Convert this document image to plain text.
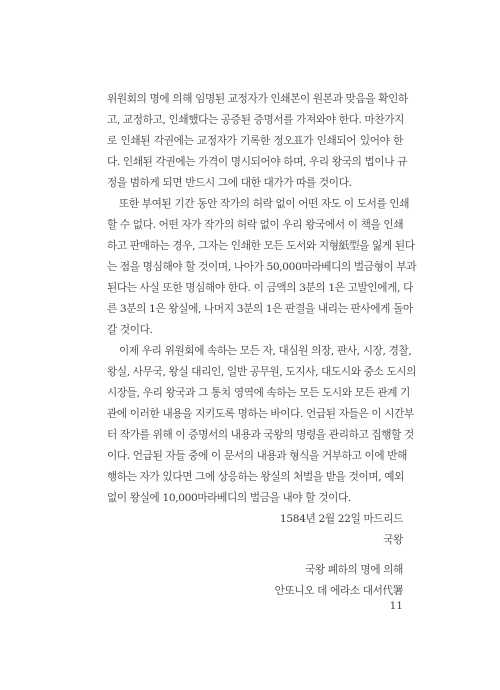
위원회의 명에 의해 임명된 교정자가 인쇄본이 원본과 맞음을 확인하
고, 교정하고, 인쇄했다는 공증된 증명서를 가져와야 한다. 마찬가지
로 인쇄된 각권에는 교정자가 기록한 정오표가 인쇄되어 있어야 한
다. 인쇄된 각권에는 가격이 명시되어야 하며, 우리 왕국의 법이나 규
정을 범하게 되면 반드시 그에 대한 대가가 따를 것이다.
또한 부여된 기간 동안 작가의 허락 없이 어떤 자도 이 도서를 인쇄
할 수 없다. 어떤 자가 작가의 허락 없이 우리 왕국에서 이 책을 인쇄
하고 판매하는 경우, 그자는 인쇄한 모든 도서와 지형紙型을 잃게 된다
는 점을 명심해야 할 것이며, 나아가 50,000마라베디의 벌금형이 부과
된다는 사실 또한 명심해야 한다. 이 금액의 3분의 1은 고발인에게, 다
른 3분의 1은 왕실에, 나머지 3분의 1은 판결을 내리는 판사에게 돌아
갈 것이다.
이제 우리 위원회에 속하는 모든 자, 대심원 의장, 판사, 시장, 경찰,
왕실, 사무국, 왕실 대리인, 일반 공무원, 도지사, 대도시와 중소 도시의
시장들, 우리 왕국과 그 통치 영역에 속하는 모든 도시와 모든 관계 기
관에 이러한 내용을 지키도록 명하는 바이다. 언급된 자들은 이 시간부
터 작가를 위해 이 증명서의 내용과 국왕의 명령을 관리하고 집행할 것
이다. 언급된 자들 중에 이 문서의 내용과 형식을 거부하고 이에 반해
행하는 자가 있다면 그에 상응하는 왕실의 처벌을 받을 것이며, 예외
없이 왕실에 10,000마라베디의 벌금을 내야 할 것이다.
1584년 2월 22일 마드리드
국왕
국왕 폐하의 명에 의해
안또니오 데 에라소 대서代署
11
